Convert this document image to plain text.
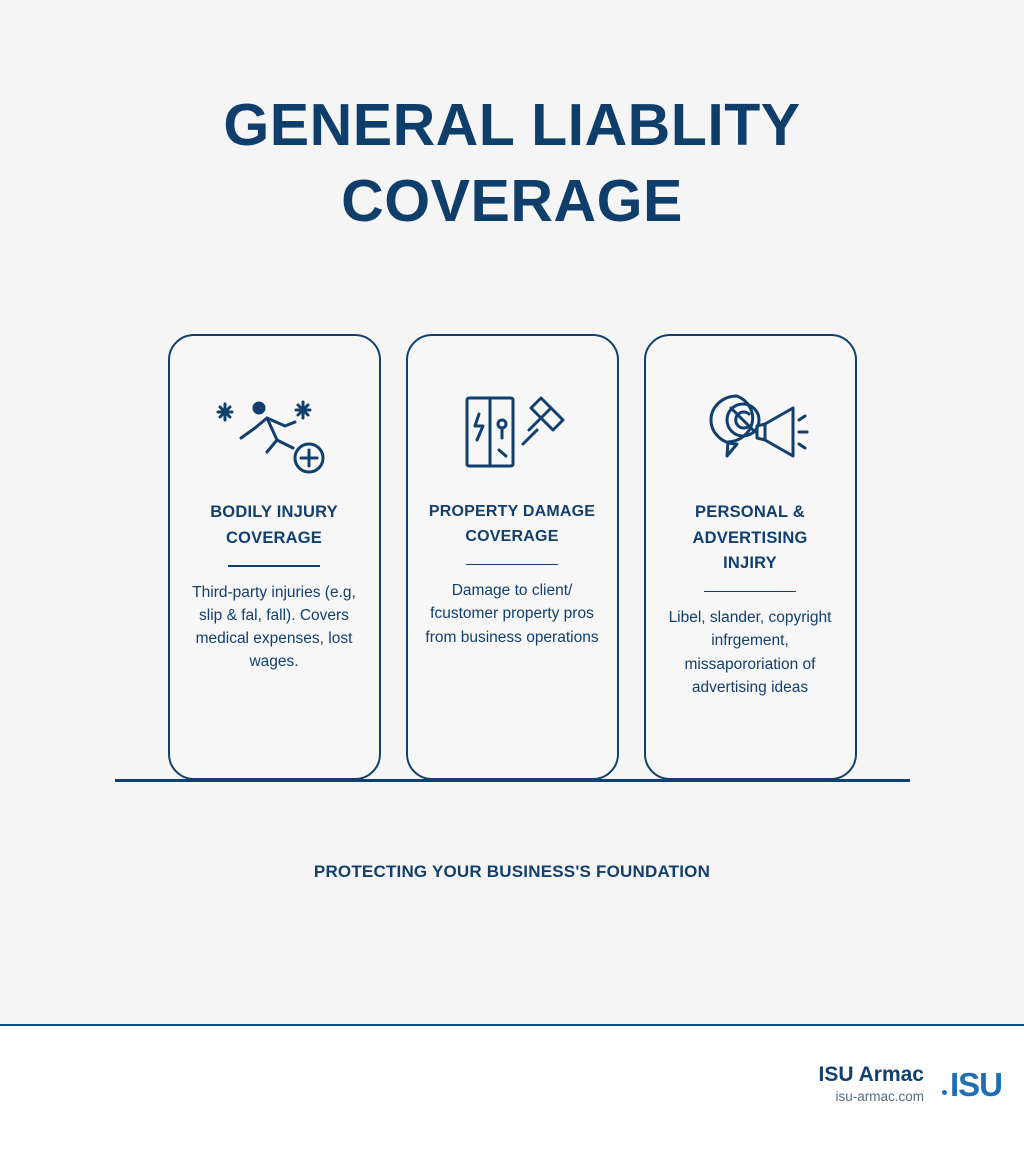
GENERAL LIABLITY
COVERAGE
BODILY INJURY
COVERAGE
Third-party injuries (e.g, slip & fal, fall). Covers medical expenses, lost wages.
PROPERTY DAMAGE
COVERAGE
Damage to client/ fcustomer property pros from business operations
PERSONAL &
ADVERTISING
INJIRY
Libel, slander, copyright infrgement, missapororiation of advertising ideas
PROTECTING YOUR BUSINESS'S FOUNDATION
ISU Armac
isu-armac.com ISU
